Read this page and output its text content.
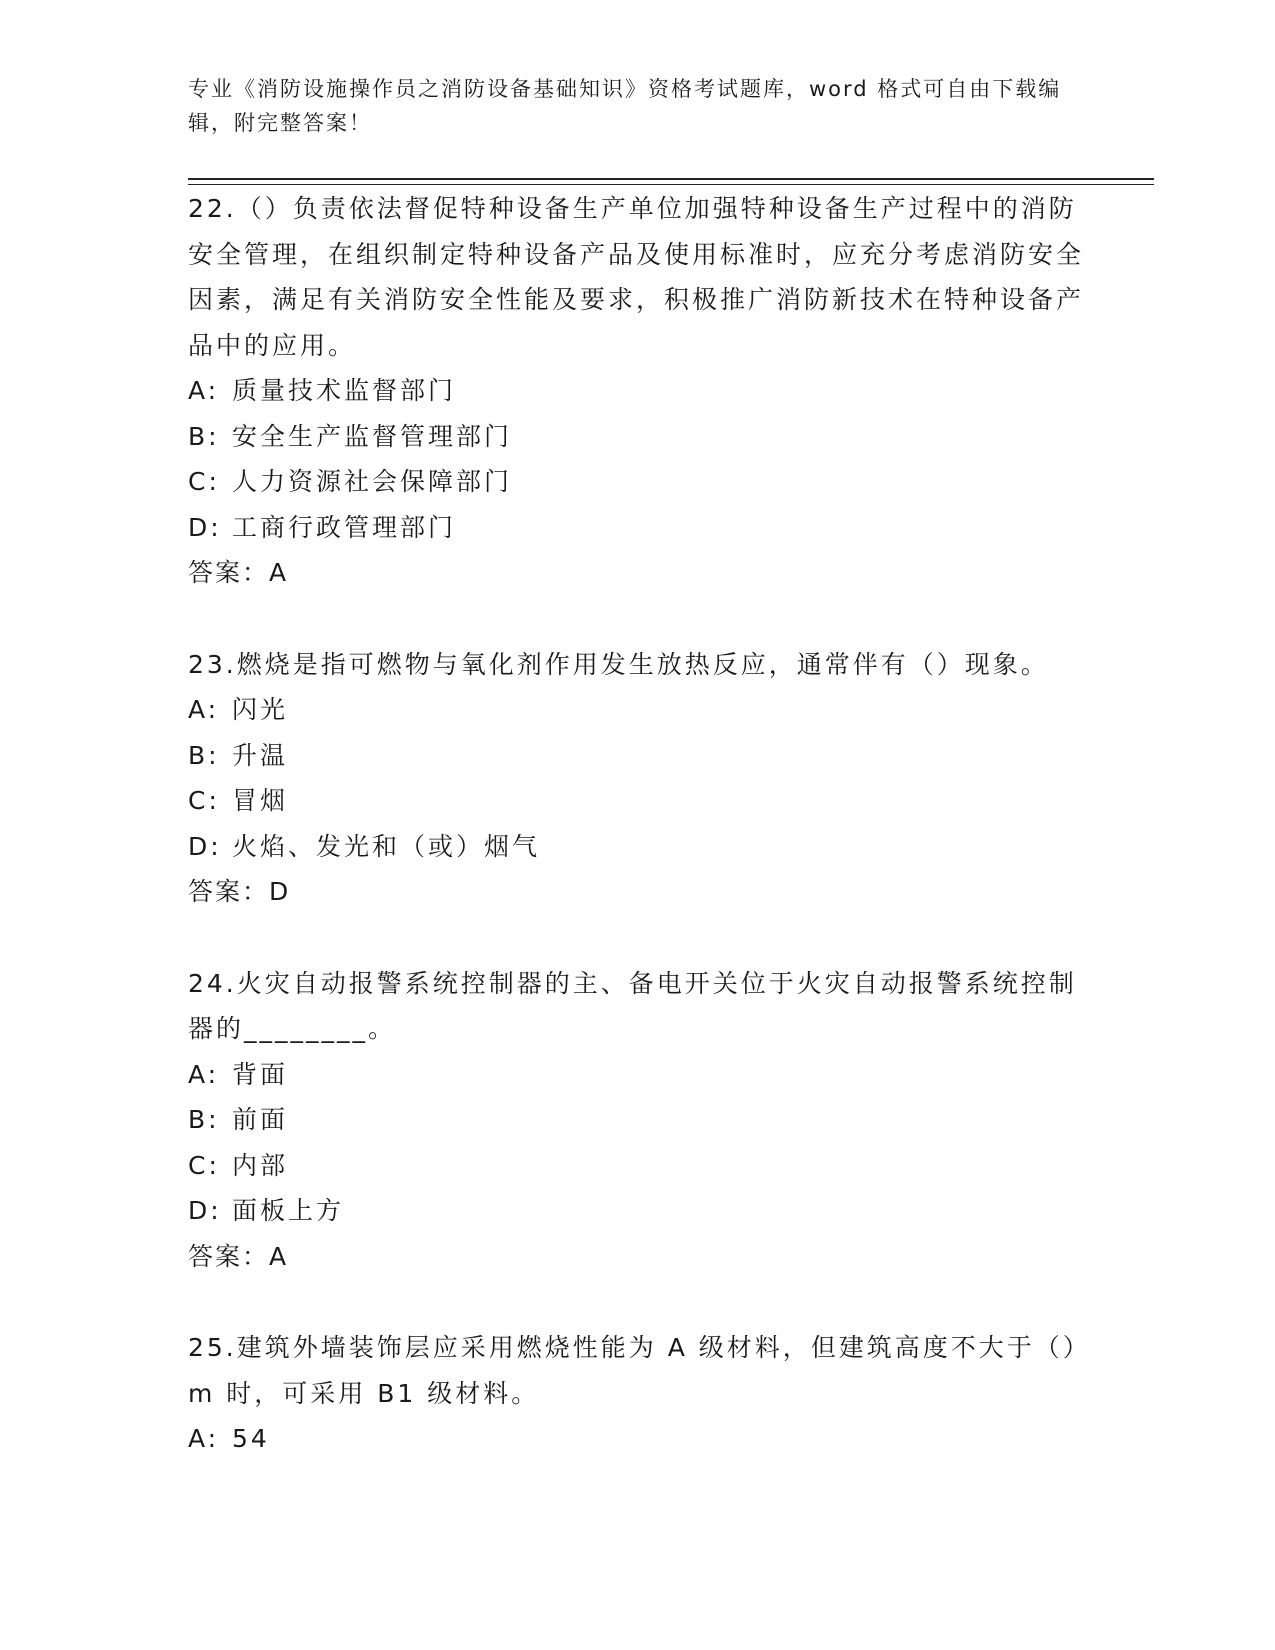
专业《消防设施操作员之消防设备基础知识》资格考试题库，word 格式可自由下载编辑，附完整答案！

22.（）负责依法督促特种设备生产单位加强特种设备生产过程中的消防安全管理，在组织制定特种设备产品及使用标准时，应充分考虑消防安全因素，满足有关消防安全性能及要求，积极推广消防新技术在特种设备产品中的应用。

A: 质量技术监督部门

B: 安全生产监督管理部门

C: 人力资源社会保障部门

D: 工商行政管理部门

答案：A

23.燃烧是指可燃物与氧化剂作用发生放热反应，通常伴有（）现象。

A: 闪光

B: 升温

C: 冒烟

D: 火焰、发光和（或）烟气

答案：D

24.火灾自动报警系统控制器的主、备电开关位于火灾自动报警系统控制器的________。

A: 背面

B: 前面

C: 内部

D: 面板上方

答案：A

25.建筑外墙装饰层应采用燃烧性能为 A 级材料，但建筑高度不大于（）m 时，可采用 B1 级材料。

A: 54
